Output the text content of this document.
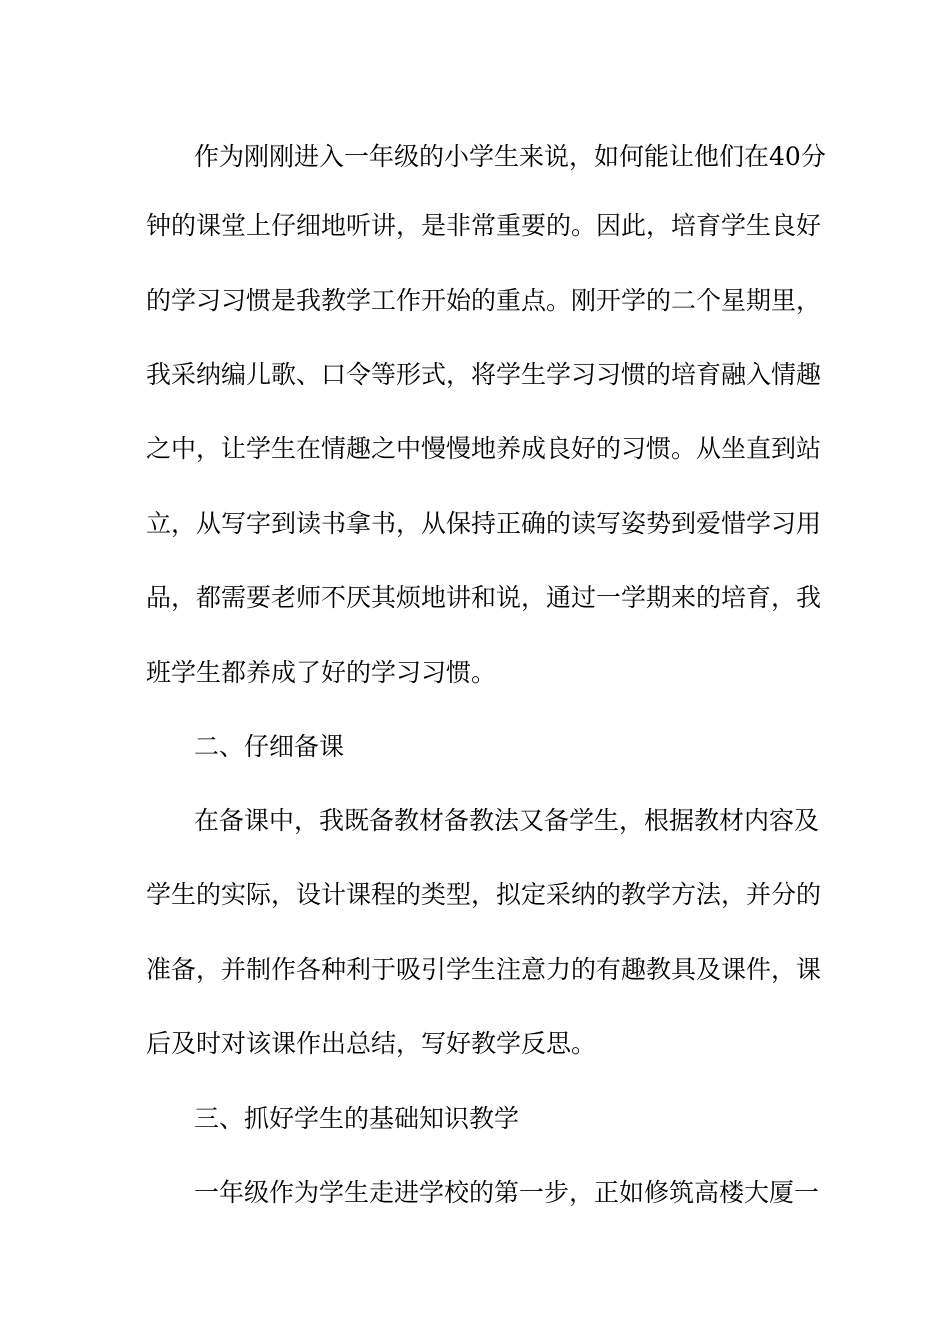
作为刚刚进入一年级的小学生来说，如何能让他们在40分
钟的课堂上仔细地听讲，是非常重要的。因此，培育学生良好
的学习习惯是我教学工作开始的重点。刚开学的二个星期里，
我采纳编儿歌、口令等形式，将学生学习习惯的培育融入情趣
之中，让学生在情趣之中慢慢地养成良好的习惯。从坐直到站
立，从写字到读书拿书，从保持正确的读写姿势到爱惜学习用
品，都需要老师不厌其烦地讲和说，通过一学期来的培育，我
班学生都养成了好的学习习惯。
二、仔细备课
在备课中，我既备教材备教法又备学生，根据教材内容及
学生的实际，设计课程的类型，拟定采纳的教学方法，并分的
准备，并制作各种利于吸引学生注意力的有趣教具及课件，课
后及时对该课作出总结，写好教学反思。
三、抓好学生的基础知识教学
一年级作为学生走进学校的第一步，正如修筑高楼大厦一
